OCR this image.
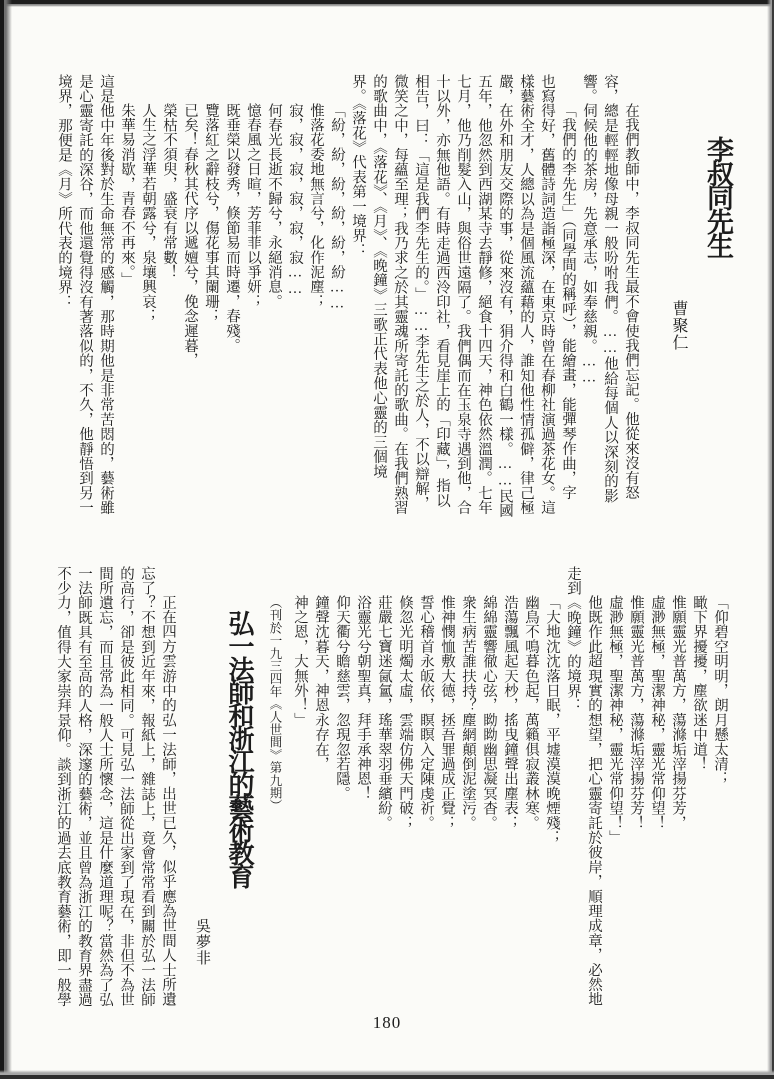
李叔同先生

曹聚仁

在我們教師中，李叔同先生最不會使我們忘記。他從來沒有怒

容，總是輕輕地像母親一般吩咐我們。……他給每個人以深刻的影

響。伺候他的茶房，先意承志，如奉慈親。……

「我們的李先生」（同學間的稱呼），能繪畫，能彈琴作曲，字

也寫得好，舊體詩詞造詣極深，在東京時曾在春柳社演過茶花女。這

樣藝術全才，人總以為是個風流蘊藉的人，誰知他性情孤僻，律己極

嚴，在外和朋友交際的事，從來沒有，狷介得和白鶴一樣。……民國

五年，他忽然到西湖某寺去靜修，絕食十四天，神色依然溫潤。七年

七月，他乃削髮入山，與俗世遠隔了。我們偶而在玉泉寺遇到他，合

十以外，亦無他語。有時走過西泠印社，看見崖上的「印藏」，指以

相告，曰：「這是我們李先生的。」……李先生之於人，不以辯解，

微笑之中，每蘊至理；我乃求之於其靈魂所寄託的歌曲。在我們熟習

的歌曲中，《落花》、《月》、《晚鐘》三歌正代表他心靈的三個境

界。《落花》代表第一境界：

「紛，紛，紛，紛，紛，紛……

惟落花委地無言兮，化作泥塵；

寂，寂，寂，寂，寂，寂……

何春光長逝不歸兮，永絕消息。

憶春風之日暄，芳菲菲以爭妍；

既垂榮以發秀，倏節易而時遷，春殘。

覽落紅之辭枝兮，傷花事其闌珊；

已矣！春秋其代序以遞嬗兮，俛念遲暮，

榮枯不須臾，盛衰有常數！

人生之浮華若朝露兮，泉壤興哀；

朱華易消歇，青春不再來。」

這是他中年後對於生命無常的感觸，那時期他是非常苦悶的，藝術雖

是心靈寄託的深谷，而他還覺得沒有著落似的，不久，他靜悟到另一

境界，那便是《月》所代表的境界：

「仰碧空明明，朗月懸太清；

瞰下界擾擾，塵欲迷中道！

惟願靈光普萬方，蕩滌垢滓揚芬芳，

虛渺無極，聖潔神秘，靈光常仰望！

惟願靈光普萬方，蕩滌垢滓揚芬芳！

虛渺無極，聖潔神秘，靈光常仰望！」

他既作此超現實的想望，把心靈寄託於彼岸，順理成章，必然地

走到《晚鐘》的境界：

「大地沈沈落日眠，平墟漠漠晚煙殘；

幽鳥不鳴暮色起，萬籟俱寂叢林寒。

浩蕩飄風起天杪，搖曳鐘聲出塵表；

綿綿靈響徹心弦，眑眑幽思凝冥杳。

衆生病苦誰扶持？塵網顛倒泥塗污。

惟神憫恤敷大德，拯吾罪過成正覺；

誓心稽首永皈依，瞑瞑入定陳虔祈。

倏忽光明燭太虛，雲端仿佛天門破；

莊嚴七寶迷氤氳，瑤華翠羽垂繽紛。

浴靈光兮朝聖真，拜手承神恩！

仰天衢兮瞻慈雲，忽現忽若隱。

鐘聲沈暮天，神恩永存在，

神之恩，大無外！」

（刊於一九三四年《人世間》第九期）

弘一法師和浙江的藝術教育

吳夢非

正在四方雲游中的弘一法師，出世已久，似乎應為世間人士所遺

忘了？不想到近年來，報紙上，雜誌上，竟會常常看到關於弘一法師

的高行，卻是彼此相同。可見弘一法師從出家到了現在，非但不為世

間所遺忘，而且常為一般人士所懷念，這是什麼道理呢？當然為了弘

一法師既具有至高的人格，深邃的藝術，並且曾為浙江的教育界盡過

不少力，值得大家崇拜景仰。談到浙江的過去底教育藝術，即一般學

180
